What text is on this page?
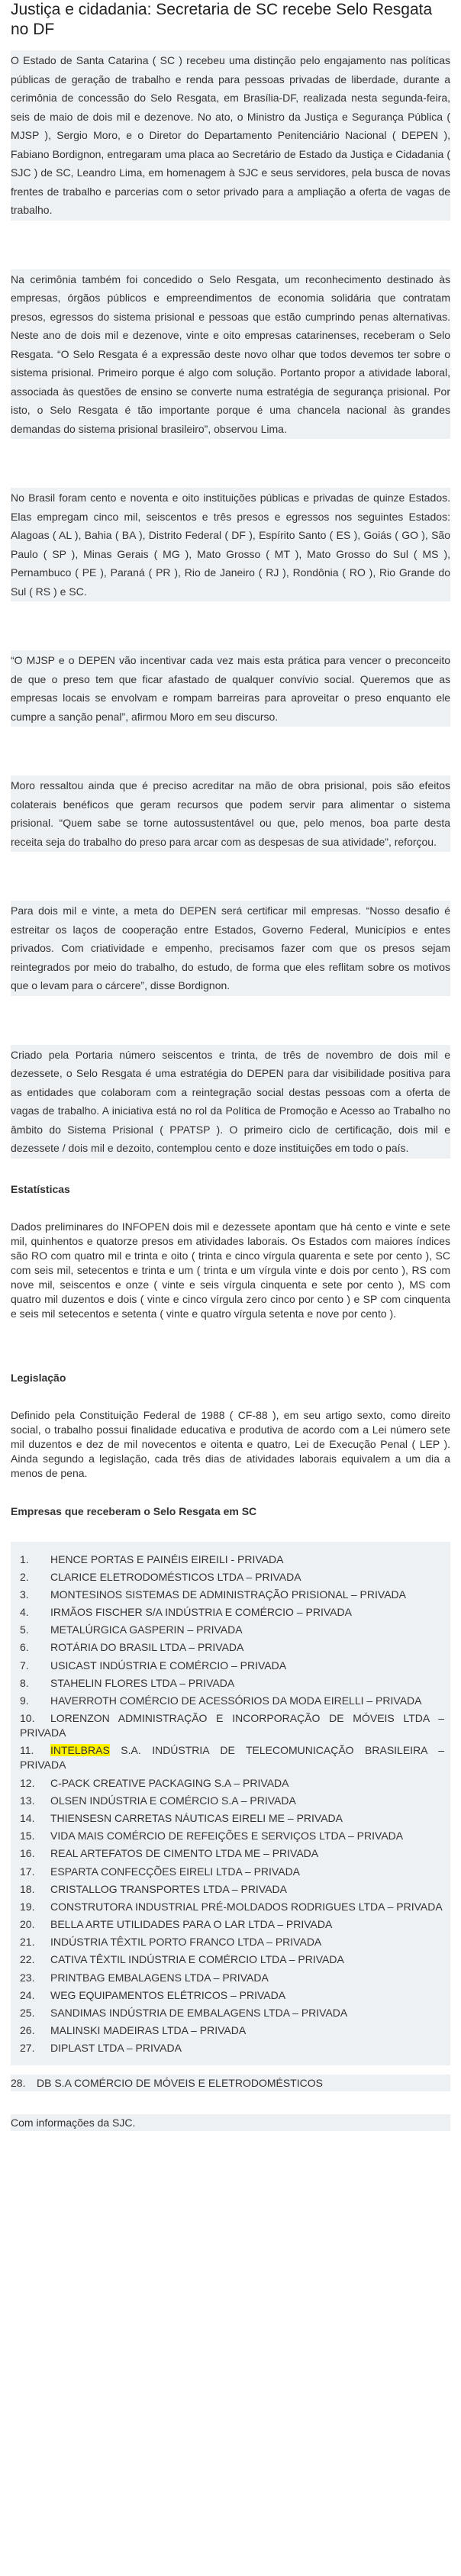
Justiça e cidadania: Secretaria de SC recebe Selo Resgata no DF

O Estado de Santa Catarina ( SC ) recebeu uma distinção pelo engajamento nas políticas públicas de geração de trabalho e renda para pessoas privadas de liberdade, durante a cerimônia de concessão do Selo Resgata, em Brasília-DF, realizada nesta segunda-feira, seis de maio de dois mil e dezenove. No ato, o Ministro da Justiça e Segurança Pública ( MJSP ), Sergio Moro, e o Diretor do Departamento Penitenciário Nacional ( DEPEN ), Fabiano Bordignon, entregaram uma placa ao Secretário de Estado da Justiça e Cidadania ( SJC ) de SC, Leandro Lima, em homenagem à SJC e seus servidores, pela busca de novas frentes de trabalho e parcerias com o setor privado para a ampliação a oferta de vagas de trabalho.

Na cerimônia também foi concedido o Selo Resgata, um reconhecimento destinado às empresas, órgãos públicos e empreendimentos de economia solidária que contratam presos, egressos do sistema prisional e pessoas que estão cumprindo penas alternativas. Neste ano de dois mil e dezenove, vinte e oito empresas catarinenses, receberam o Selo Resgata. “O Selo Resgata é a expressão deste novo olhar que todos devemos ter sobre o sistema prisional. Primeiro porque é algo com solução. Portanto propor a atividade laboral, associada às questões de ensino se converte numa estratégia de segurança prisional. Por isto, o Selo Resgata é tão importante porque é uma chancela nacional às grandes demandas do sistema prisional brasileiro”, observou Lima.

No Brasil foram cento e noventa e oito instituições públicas e privadas de quinze Estados. Elas empregam cinco mil, seiscentos e três presos e egressos nos seguintes Estados: Alagoas ( AL ), Bahia ( BA ), Distrito Federal ( DF ), Espírito Santo ( ES ), Goiás ( GO ), São Paulo ( SP ), Minas Gerais ( MG ), Mato Grosso ( MT ), Mato Grosso do Sul ( MS ), Pernambuco ( PE ), Paraná ( PR ), Rio de Janeiro ( RJ ), Rondônia ( RO ), Rio Grande do Sul ( RS ) e SC.

“O MJSP e o DEPEN vão incentivar cada vez mais esta prática para vencer o preconceito de que o preso tem que ficar afastado de qualquer convívio social. Queremos que as empresas locais se envolvam e rompam barreiras para aproveitar o preso enquanto ele cumpre a sanção penal”, afirmou Moro em seu discurso.

Moro ressaltou ainda que é preciso acreditar na mão de obra prisional, pois são efeitos colaterais benéficos que geram recursos que podem servir para alimentar o sistema prisional. “Quem sabe se torne autossustentável ou que, pelo menos, boa parte desta receita seja do trabalho do preso para arcar com as despesas de sua atividade”, reforçou.

Para dois mil e vinte, a meta do DEPEN será certificar mil empresas. “Nosso desafio é estreitar os laços de cooperação entre Estados, Governo Federal, Municípios e entes privados. Com criatividade e empenho, precisamos fazer com que os presos sejam reintegrados por meio do trabalho, do estudo, de forma que eles reflitam sobre os motivos que o levam para o cárcere”, disse Bordignon.

Criado pela Portaria número seiscentos e trinta, de três de novembro de dois mil e dezessete, o Selo Resgata é uma estratégia do DEPEN para dar visibilidade positiva para as entidades que colaboram com a reintegração social destas pessoas com a oferta de vagas de trabalho. A iniciativa está no rol da Política de Promoção e Acesso ao Trabalho no âmbito do Sistema Prisional ( PPATSP ). O primeiro ciclo de certificação, dois mil e dezessete / dois mil e dezoito, contemplou cento e doze instituições em todo o país.

Estatísticas

Dados preliminares do INFOPEN dois mil e dezessete apontam que há cento e vinte e sete mil, quinhentos e quatorze presos em atividades laborais. Os Estados com maiores índices são RO com quatro mil e trinta e oito ( trinta e cinco vírgula quarenta e sete por cento ), SC com seis mil, setecentos e trinta e um ( trinta e um vírgula vinte e dois por cento ), RS com nove mil, seiscentos e onze ( vinte e seis vírgula cinquenta e sete por cento ), MS com quatro mil duzentos e dois ( vinte e cinco vírgula zero cinco por cento ) e SP com cinquenta e seis mil setecentos e setenta ( vinte e quatro vírgula setenta e nove por cento ).

Legislação

Definido pela Constituição Federal de 1988 ( CF-88 ), em seu artigo sexto, como direito social, o trabalho possui finalidade educativa e produtiva de acordo com a Lei número sete mil duzentos e dez de mil novecentos e oitenta e quatro, Lei de Execução Penal ( LEP ). Ainda segundo a legislação, cada três dias de atividades laborais equivalem a um dia a menos de pena.

Empresas que receberam o Selo Resgata em SC

1. HENCE PORTAS E PAINÉIS EIREILI - PRIVADA
2. CLARICE ELETRODOMÉSTICOS LTDA – PRIVADA
3. MONTESINOS SISTEMAS DE ADMINISTRAÇÃO PRISIONAL – PRIVADA
4. IRMÃOS FISCHER S/A INDÚSTRIA E COMÉRCIO – PRIVADA
5. METALÚRGICA GASPERIN – PRIVADA
6. ROTÁRIA DO BRASIL LTDA – PRIVADA
7. USICAST INDÚSTRIA E COMÉRCIO – PRIVADA
8. STAHELIN FLORES LTDA – PRIVADA
9. HAVERROTH COMÉRCIO DE ACESSÓRIOS DA MODA EIRELLI – PRIVADA
10. LORENZON ADMINISTRAÇÃO E INCORPORAÇÃO DE MÓVEIS LTDA – PRIVADA
11. INTELBRAS S.A. INDÚSTRIA DE TELECOMUNICAÇÃO BRASILEIRA – PRIVADA
12. C-PACK CREATIVE PACKAGING S.A – PRIVADA
13. OLSEN INDÚSTRIA E COMÉRCIO S.A – PRIVADA
14. THIENSESN CARRETAS NÁUTICAS EIRELI ME – PRIVADA
15. VIDA MAIS COMÉRCIO DE REFEIÇÕES E SERVIÇOS LTDA – PRIVADA
16. REAL ARTEFATOS DE CIMENTO LTDA ME – PRIVADA
17. ESPARTA CONFECÇÕES EIRELI LTDA – PRIVADA
18. CRISTALLOG TRANSPORTES LTDA – PRIVADA
19. CONSTRUTORA INDUSTRIAL PRÉ-MOLDADOS RODRIGUES LTDA – PRIVADA
20. BELLA ARTE UTILIDADES PARA O LAR LTDA – PRIVADA
21. INDÚSTRIA TÊXTIL PORTO FRANCO LTDA – PRIVADA
22. CATIVA TÊXTIL INDÚSTRIA E COMÉRCIO LTDA – PRIVADA
23. PRINTBAG EMBALAGENS LTDA – PRIVADA
24. WEG EQUIPAMENTOS ELÉTRICOS – PRIVADA
25. SANDIMAS INDÚSTRIA DE EMBALAGENS LTDA – PRIVADA
26. MALINSKI MADEIRAS LTDA – PRIVADA
27. DIPLAST LTDA – PRIVADA

28. DB S.A COMÉRCIO DE MÓVEIS E ELETRODOMÉSTICOS

Com informações da SJC.
